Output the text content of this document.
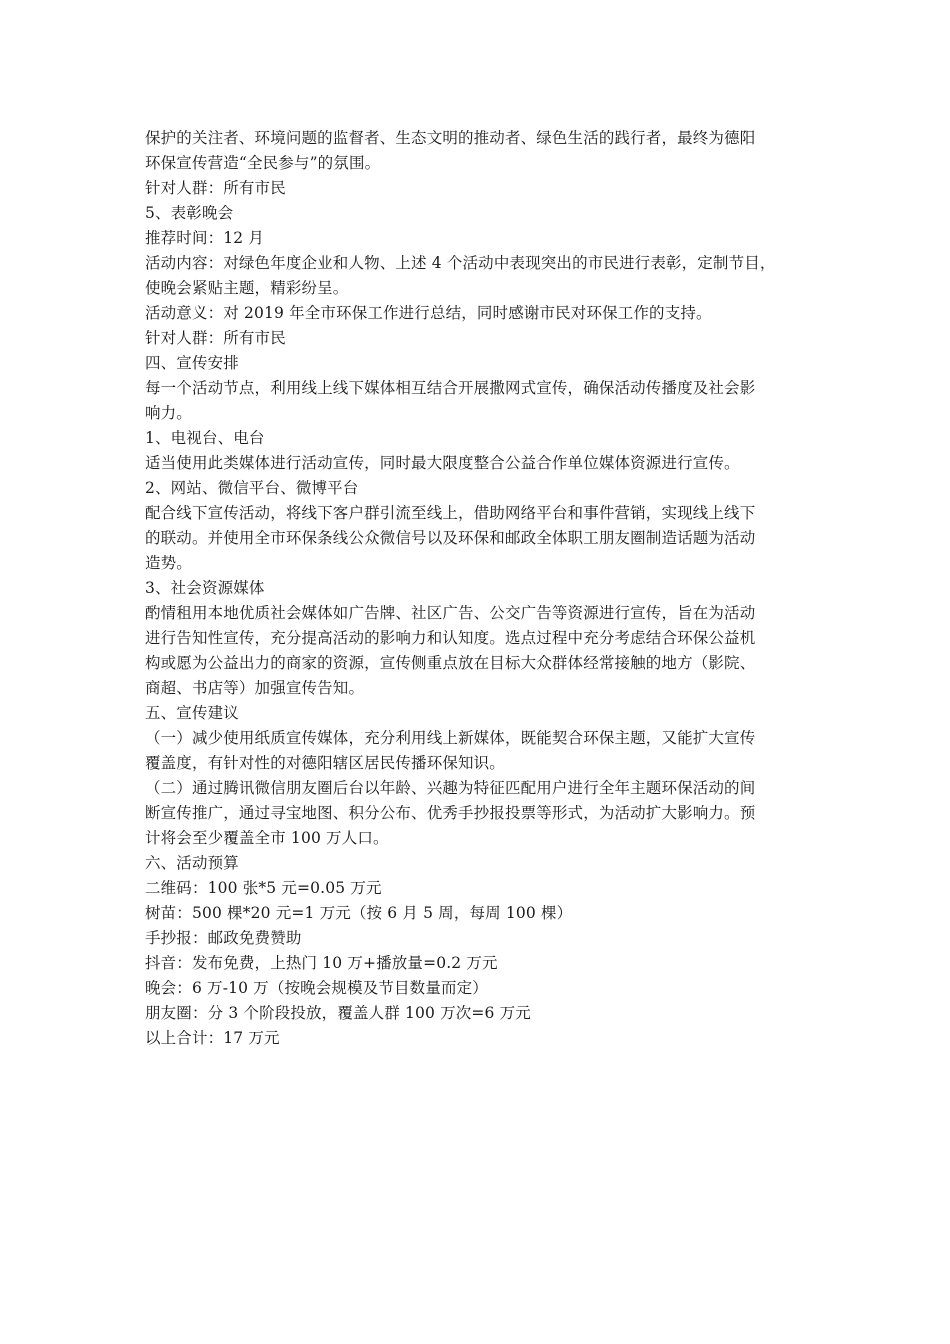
保护的关注者、环境问题的监督者、生态文明的推动者、绿色生活的践行者，最终为德阳
环保宣传营造“全民参与”的氛围。
针对人群：所有市民
5、表彰晚会
推荐时间：12 月
活动内容：对绿色年度企业和人物、上述 4 个活动中表现突出的市民进行表彰，定制节目，
使晚会紧贴主题，精彩纷呈。
活动意义：对 2019 年全市环保工作进行总结，同时感谢市民对环保工作的支持。
针对人群：所有市民
四、宣传安排
每一个活动节点，利用线上线下媒体相互结合开展撒网式宣传，确保活动传播度及社会影
响力。
1、电视台、电台
适当使用此类媒体进行活动宣传，同时最大限度整合公益合作单位媒体资源进行宣传。
2、网站、微信平台、微博平台
配合线下宣传活动，将线下客户群引流至线上，借助网络平台和事件营销，实现线上线下
的联动。并使用全市环保条线公众微信号以及环保和邮政全体职工朋友圈制造话题为活动
造势。
3、社会资源媒体
酌情租用本地优质社会媒体如广告牌、社区广告、公交广告等资源进行宣传，旨在为活动
进行告知性宣传，充分提高活动的影响力和认知度。选点过程中充分考虑结合环保公益机
构或愿为公益出力的商家的资源，宣传侧重点放在目标大众群体经常接触的地方（影院、
商超、书店等）加强宣传告知。
五、宣传建议
（一）减少使用纸质宣传媒体，充分利用线上新媒体，既能契合环保主题，又能扩大宣传
覆盖度，有针对性的对德阳辖区居民传播环保知识。
（二）通过腾讯微信朋友圈后台以年龄、兴趣为特征匹配用户进行全年主题环保活动的间
断宣传推广，通过寻宝地图、积分公布、优秀手抄报投票等形式，为活动扩大影响力。预
计将会至少覆盖全市 100 万人口。
六、活动预算
二维码：100 张*5 元=0.05 万元
树苗：500 棵*20 元=1 万元（按 6 月 5 周，每周 100 棵）
手抄报：邮政免费赞助
抖音：发布免费，上热门 10 万+播放量=0.2 万元
晚会：6 万-10 万（按晚会规模及节目数量而定）
朋友圈：分 3 个阶段投放，覆盖人群 100 万次=6 万元
以上合计：17 万元
